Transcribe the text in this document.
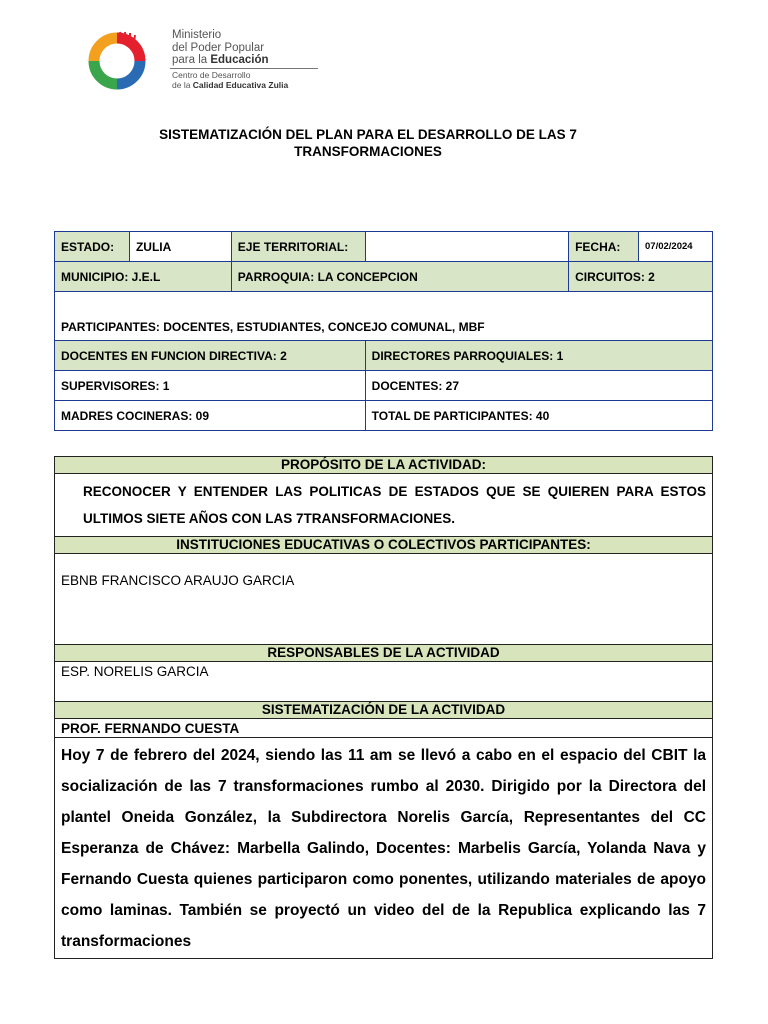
Ministerio
del Poder Popular
para la Educación
Centro de Desarrollo
de la Calidad Educativa Zulia
SISTEMATIZACIÓN DEL PLAN PARA EL DESARROLLO DE LAS 7 TRANSFORMACIONES
ESTADO:	ZULIA	EJE TERRITORIAL:		FECHA:	07/02/2024
MUNICIPIO: J.E.L		PARROQUIA: LA CONCEPCION		CIRCUITOS: 2	
PARTICIPANTES: DOCENTES, ESTUDIANTES, CONCEJO COMUNAL, MBF					
DOCENTES EN FUNCION DIRECTIVA: 2			DIRECTORES PARROQUIALES: 1		
SUPERVISORES: 1			DOCENTES: 27		
MADRES COCINERAS: 09			TOTAL DE PARTICIPANTES: 40		
PROPÓSITO DE LA ACTIVIDAD:
RECONOCER Y ENTENDER LAS POLITICAS DE ESTADOS QUE SE QUIEREN PARA ESTOS ULTIMOS SIETE AÑOS CON LAS 7TRANSFORMACIONES.
INSTITUCIONES EDUCATIVAS O COLECTIVOS PARTICIPANTES:
EBNB FRANCISCO ARAUJO GARCIA
RESPONSABLES DE LA ACTIVIDAD
ESP. NORELIS GARCIA
SISTEMATIZACIÓN DE LA ACTIVIDAD
PROF. FERNANDO CUESTA
Hoy 7 de febrero del 2024, siendo las 11 am se llevó a cabo en el espacio del CBIT la socialización de las 7 transformaciones rumbo al 2030. Dirigido por la Directora del plantel Oneida González, la Subdirectora Norelis García, Representantes del CC Esperanza de Chávez: Marbella Galindo, Docentes: Marbelis García, Yolanda Nava y Fernando Cuesta quienes participaron como ponentes, utilizando materiales de apoyo como laminas. También se proyectó un video del de la Republica explicando las 7 transformaciones
